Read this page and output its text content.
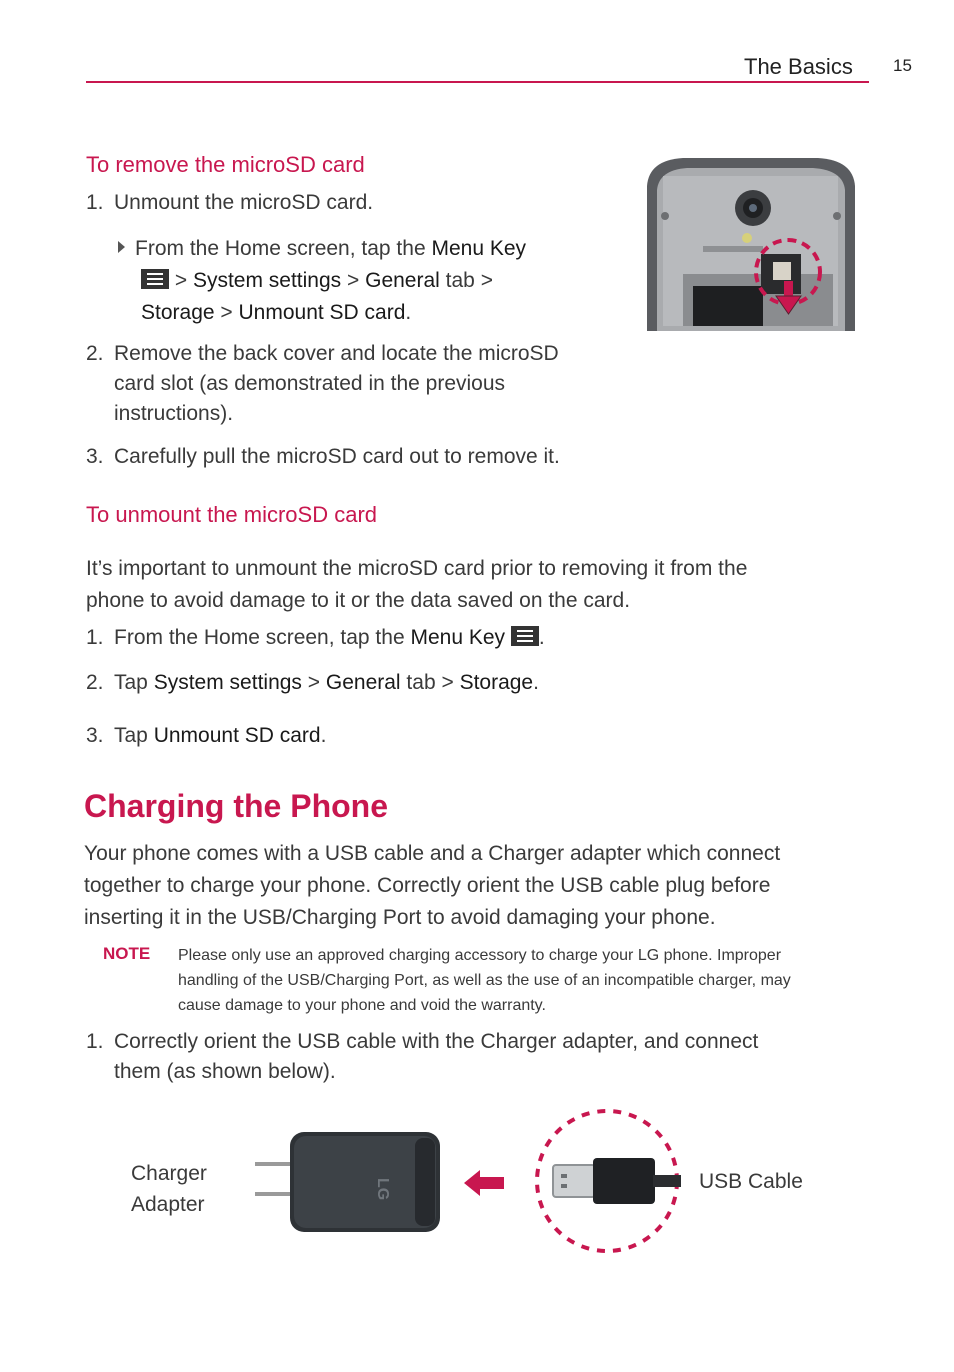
The Basics 15
To remove the microSD card
1. Unmount the microSD card.
From the Home screen, tap the Menu Key
> System settings > General tab >
Storage > Unmount SD card.
2. Remove the back cover and locate the microSD
card slot (as demonstrated in the previous
instructions).
3. Carefully pull the microSD card out to remove it.
To unmount the microSD card
It’s important to unmount the microSD card prior to removing it from the
phone to avoid damage to it or the data saved on the card.
1. From the Home screen, tap the Menu Key .
2. Tap System settings > General tab > Storage.
3. Tap Unmount SD card.
Charging the Phone
Your phone comes with a USB cable and a Charger adapter which connect
together to charge your phone. Correctly orient the USB cable plug before
inserting it in the USB/Charging Port to avoid damaging your phone.
NOTE Please only use an approved charging accessory to charge your LG phone. Improper
handling of the USB/Charging Port, as well as the use of an incompatible charger, may
cause damage to your phone and void the warranty.
1. Correctly orient the USB cable with the Charger adapter, and connect
them (as shown below).
Charger
Adapter
LG	USB Cable
